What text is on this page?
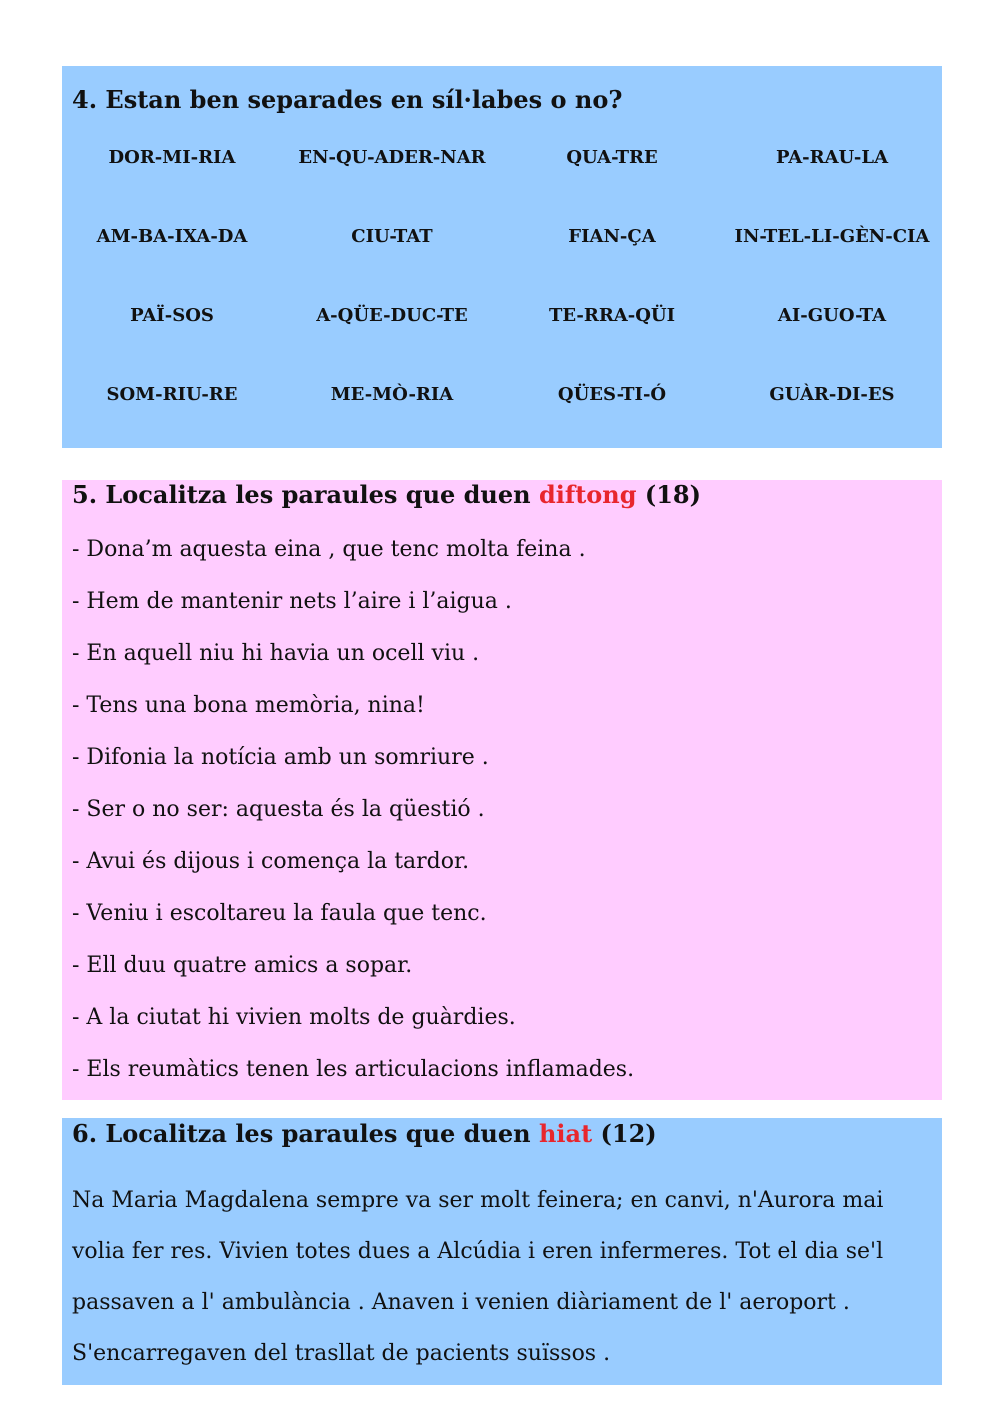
4. Estan ben separades en síl·labes o no?
DOR-MI-RIA	EN-QU-ADER-NAR	QUA-TRE	PA-RAU-LA
AM-BA-IXA-DA	CIU-TAT	FIAN-ÇA	IN-TEL-LI-GÈN-CIA
PAÏ-SOS	A-QÜE-DUC-TE	TE-RRA-QÜI	AI-GUO-TA
SOM-RIU-RE	ME-MÒ-RIA	QÜES-TI-Ó	GUÀR-DI-ES
5. Localitza les paraules que duen diftong (18)
- Dona’m aquesta eina , que tenc molta feina .
- Hem de mantenir nets l’aire i l’aigua .
- En aquell niu hi havia un ocell viu .
- Tens una bona memòria, nina!
- Difonia la notícia amb un somriure .
- Ser o no ser: aquesta és la qüestió .
- Avui és dijous i comença la tardor.
- Veniu i escoltareu la faula que tenc.
- Ell duu quatre amics a sopar.
- A la ciutat hi vivien molts de guàrdies.
- Els reumàtics tenen les articulacions inflamades.
6. Localitza les paraules que duen hiat (12)
Na Maria Magdalena sempre va ser molt feinera; en canvi, n'Aurora mai
volia fer res. Vivien totes dues a Alcúdia i eren infermeres. Tot el dia se'l
passaven a l' ambulància . Anaven i venien diàriament de l' aeroport .
S'encarregaven del trasllat de pacients suïssos .
